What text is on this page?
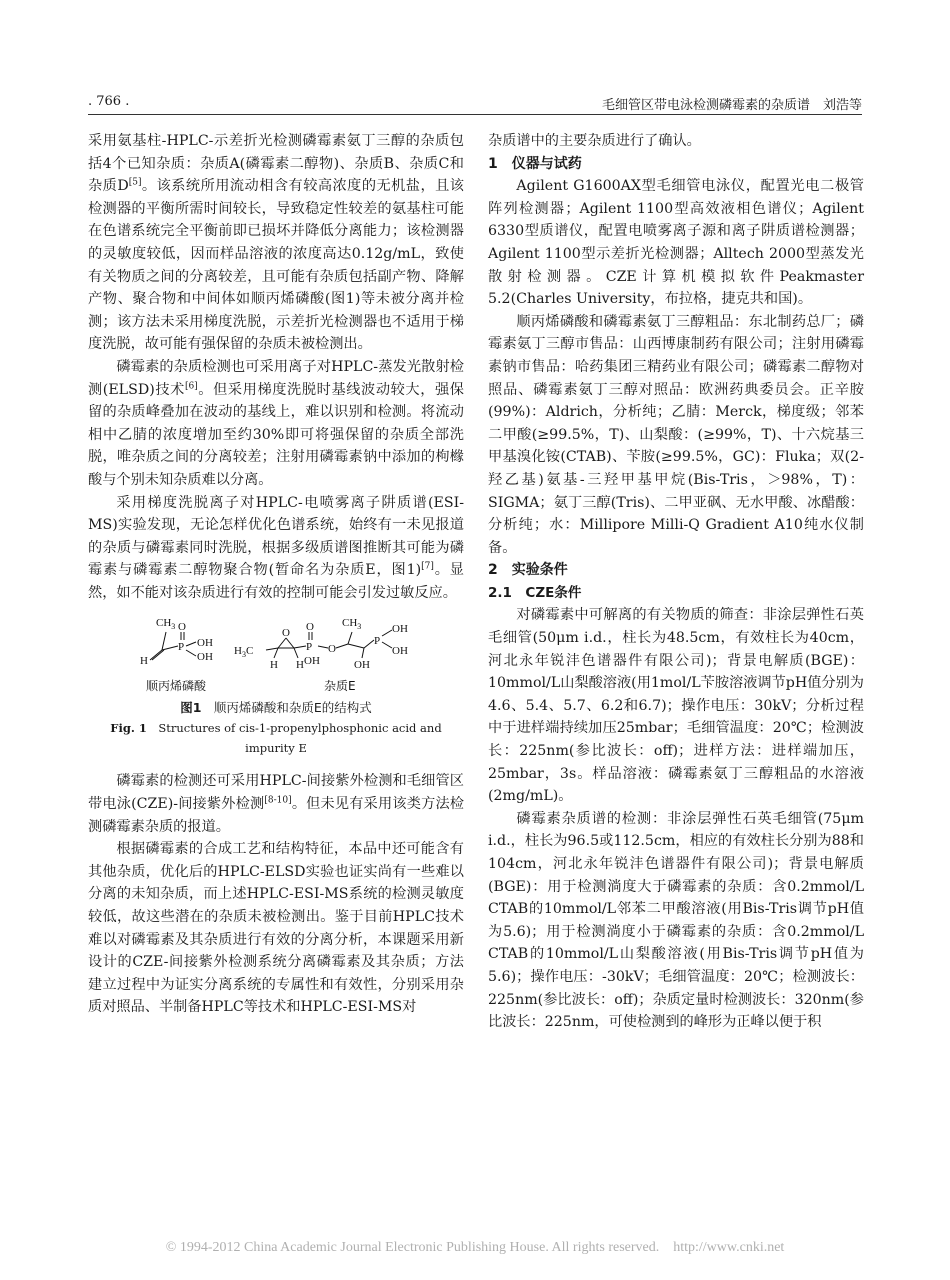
. 766 .	毛细管区带电泳检测磷霉素的杂质谱　刘浩等

采用氨基柱-HPLC-示差折光检测磷霉素氨丁三醇的杂质包括4个已知杂质：杂质A(磷霉素二醇物)、杂质B、杂质C和杂质D[5]。该系统所用流动相含有较高浓度的无机盐，且该检测器的平衡所需时间较长，导致稳定性较差的氨基柱可能在色谱系统完全平衡前即已损坏并降低分离能力；该检测器的灵敏度较低，因而样品溶液的浓度高达0.12g/mL，致使有关物质之间的分离较差，且可能有杂质包括副产物、降解产物、聚合物和中间体如顺丙烯磷酸(图1)等未被分离并检测；该方法未采用梯度洗脱，示差折光检测器也不适用于梯度洗脱，故可能有强保留的杂质未被检测出。

磷霉素的杂质检测也可采用离子对HPLC-蒸发光散射检测(ELSD)技术[6]。但采用梯度洗脱时基线波动较大，强保留的杂质峰叠加在波动的基线上，难以识别和检测。将流动相中乙腈的浓度增加至约30%即可将强保留的杂质全部洗脱，唯杂质之间的分离较差；注射用磷霉素钠中添加的枸橼酸与个别未知杂质难以分离。

采用梯度洗脱离子对HPLC-电喷雾离子阱质谱(ESI-MS)实验发现，无论怎样优化色谱系统，始终有一未见报道的杂质与磷霉素同时洗脱，根据多级质谱图推断其可能为磷霉素与磷霉素二醇物聚合物(暂命名为杂质E，图1)[7]。显然，如不能对该杂质进行有效的控制可能会引发过敏反应。

$CH_3$ O
P OH
OH
H
$H_3C$
O
H H
O
P
OH
O
$CH_3$
OH
P
OH
OH
顺丙烯磷酸	杂质E
图1　 顺丙烯磷酸和杂质E的结构式
Fig. 1　 Structures of cis-1-propenylphosphonic acid and impurity E

磷霉素的检测还可采用HPLC-间接紫外检测和毛细管区带电泳(CZE)-间接紫外检测[8-10]。但未见有采用该类方法检测磷霉素杂质的报道。

根据磷霉素的合成工艺和结构特征，本品中还可能含有其他杂质，优化后的HPLC-ELSD实验也证实尚有一些难以分离的未知杂质，而上述HPLC-ESI-MS系统的检测灵敏度较低，故这些潜在的杂质未被检测出。鉴于目前HPLC技术难以对磷霉素及其杂质进行有效的分离分析，本课题采用新设计的CZE-间接紫外检测系统分离磷霉素及其杂质；方法建立过程中为证实分离系统的专属性和有效性，分别采用杂质对照品、半制备HPLC等技术和HPLC-ESI-MS对

杂质谱中的主要杂质进行了确认。

1　仪器与试药

Agilent G1600AX型毛细管电泳仪，配置光电二极管阵列检测器；Agilent 1100型高效液相色谱仪；Agilent 6330型质谱仪，配置电喷雾离子源和离子阱质谱检测器；Agilent 1100型示差折光检测器；Alltech 2000型蒸发光散射检测器。CZE计算机模拟软件Peakmaster 5.2(Charles University，布拉格，捷克共和国)。

顺丙烯磷酸和磷霉素氨丁三醇粗品：东北制药总厂；磷霉素氨丁三醇市售品：山西博康制药有限公司；注射用磷霉素钠市售品：哈药集团三精药业有限公司；磷霉素二醇物对照品、磷霉素氨丁三醇对照品：欧洲药典委员会。正辛胺(99%)：Aldrich，分析纯；乙腈：Merck，梯度级；邻苯二甲酸(≥99.5%，T)、山梨酸：(≥99%，T)、十六烷基三甲基溴化铵(CTAB)、苄胺(≥99.5%，GC)：Fluka；双(2-羟乙基)氨基-三羟甲基甲烷(Bis-Tris，＞98%，T)：SIGMA；氨丁三醇(Tris)、二甲亚砜、无水甲酸、冰醋酸：分析纯；水：Millipore Milli-Q Gradient A10纯水仪制备。

2　实验条件

2.1　CZE条件

对磷霉素中可解离的有关物质的筛查：非涂层弹性石英毛细管(50μm i.d.，柱长为48.5cm，有效柱长为40cm，河北永年锐沣色谱器件有限公司)；背景电解质(BGE)：10mmol/L山梨酸溶液(用1mol/L苄胺溶液调节pH值分别为4.6、5.4、5.7、6.2和6.7)；操作电压：30kV；分析过程中于进样端持续加压25mbar；毛细管温度：20℃；检测波长：225nm(参比波长：off)；进样方法：进样端加压，25mbar，3s。样品溶液：磷霉素氨丁三醇粗品的水溶液(2mg/mL)。

磷霉素杂质谱的检测：非涂层弹性石英毛细管(75μm i.d.，柱长为96.5或112.5cm，相应的有效柱长分别为88和104cm，河北永年锐沣色谱器件有限公司)；背景电解质(BGE)：用于检测淌度大于磷霉素的杂质：含0.2mmol/L CTAB的10mmol/L邻苯二甲酸溶液(用Bis-Tris调节pH值为5.6)；用于检测淌度小于磷霉素的杂质：含0.2mmol/L CTAB的10mmol/L山梨酸溶液(用Bis-Tris调节pH值为5.6)；操作电压：-30kV；毛细管温度：20℃；检测波长：225nm(参比波长：off)；杂质定量时检测波长：320nm(参比波长：225nm，可使检测到的峰形为正峰以便于积

© 1994-2012 China Academic Journal Electronic Publishing House. All rights reserved.　http://www.cnki.net
